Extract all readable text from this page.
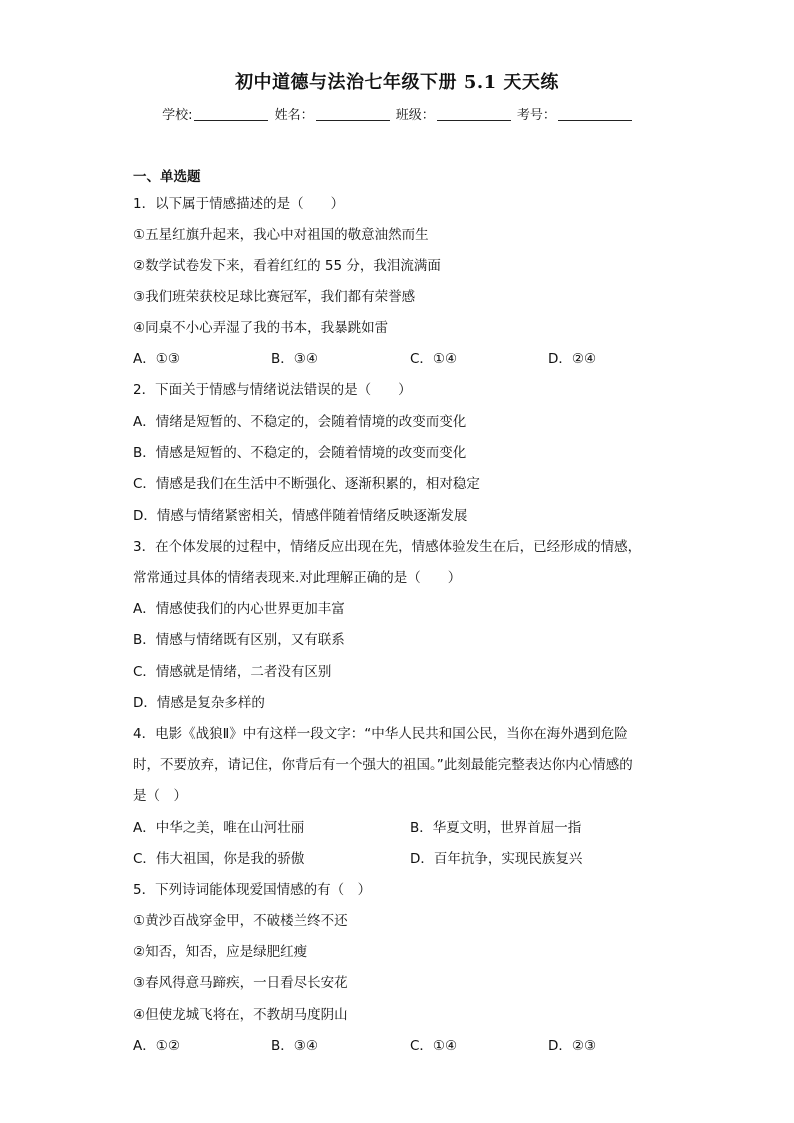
初中道德与法治七年级下册 5.1 天天练
学校:	姓名：	班级：	考号：
一、单选题
1．以下属于情感描述的是（　　）
①五星红旗升起来，我心中对祖国的敬意油然而生
②数学试卷发下来，看着红红的 55 分，我泪流满面
③我们班荣获校足球比赛冠军，我们都有荣誉感
④同桌不小心弄湿了我的书本，我暴跳如雷
A．①③	B．③④	C．①④	D．②④
2．下面关于情感与情绪说法错误的是（　　）
A．情绪是短暂的、不稳定的，会随着情境的改变而变化
B．情感是短暂的、不稳定的，会随着情境的改变而变化
C．情感是我们在生活中不断强化、逐渐积累的，相对稳定
D．情感与情绪紧密相关，情感伴随着情绪反映逐渐发展
3．在个体发展的过程中，情绪反应出现在先，情感体验发生在后，已经形成的情感，
常常通过具体的情绪表现来.对此理解正确的是（　　）
A．情感使我们的内心世界更加丰富
B．情感与情绪既有区别，又有联系
C．情感就是情绪，二者没有区别
D．情感是复杂多样的
4．电影《战狼Ⅱ》中有这样一段文字：“中华人民共和国公民，当你在海外遇到危险
时，不要放弃，请记住，你背后有一个强大的祖国。”此刻最能完整表达你内心情感的
是（　）
A．中华之美，唯在山河壮丽	B．华夏文明，世界首屈一指
C．伟大祖国，你是我的骄傲	D．百年抗争，实现民族复兴
5．下列诗词能体现爱国情感的有（　）
①黄沙百战穿金甲，不破楼兰终不还
②知否，知否，应是绿肥红瘦
③春风得意马蹄疾，一日看尽长安花
④但使龙城飞将在，不教胡马度阴山
A．①②	B．③④	C．①④	D．②③
